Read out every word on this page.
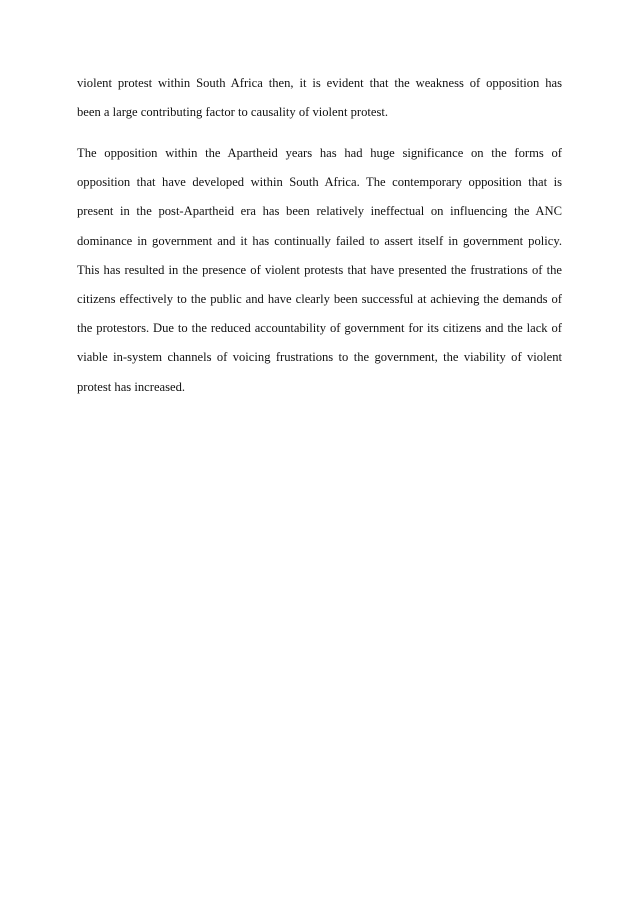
violent protest within South Africa then, it is evident that the weakness of opposition has
been a large contributing factor to causality of violent protest.
The opposition within the Apartheid years has had huge significance on the forms of
opposition that have developed within South Africa. The contemporary opposition that is
present in the post-Apartheid era has been relatively ineffectual on influencing the ANC
dominance in government and it has continually failed to assert itself in government policy.
This has resulted in the presence of violent protests that have presented the frustrations of the
citizens effectively to the public and have clearly been successful at achieving the demands of
the protestors. Due to the reduced accountability of government for its citizens and the lack of
viable in-system channels of voicing frustrations to the government, the viability of violent
protest has increased.
